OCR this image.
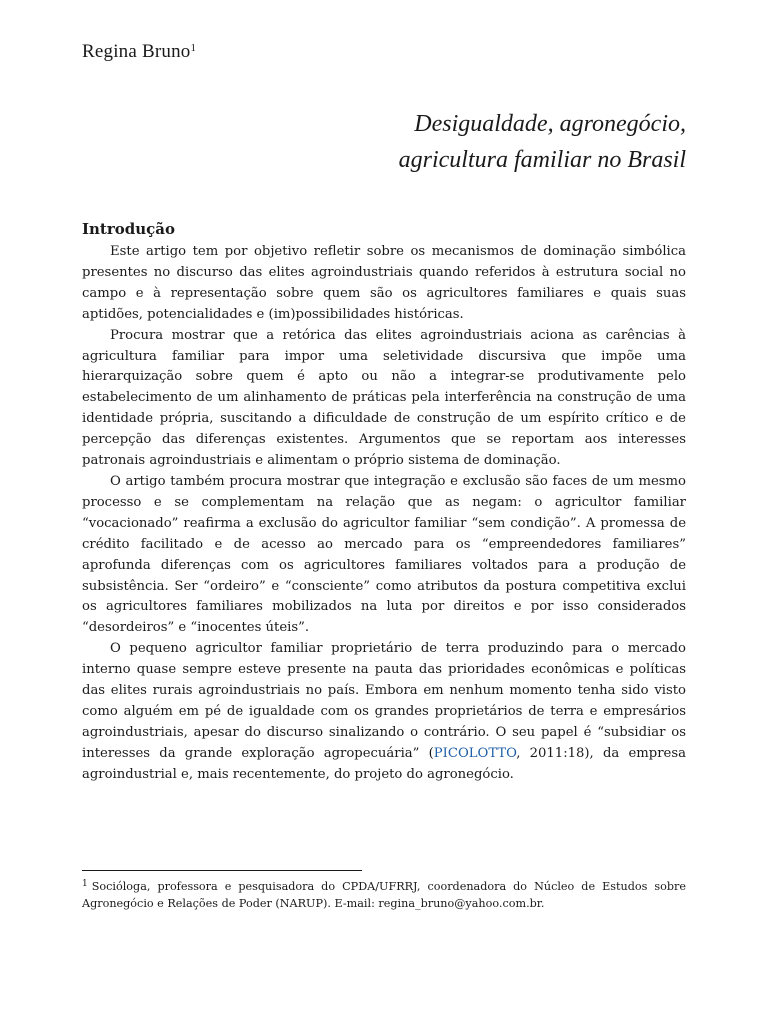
Regina Bruno$^1$
Desigualdade, agronegócio,
agricultura familiar no Brasil
Introdução

Este artigo tem por objetivo refletir sobre os mecanismos de dominação simbólica presentes no discurso das elites agroindustriais quando referidos à estrutura social no campo e à representação sobre quem são os agricultores familiares e quais suas aptidões, potencialidades e (im)possibilidades históricas.

Procura mostrar que a retórica das elites agroindustriais aciona as carências à agricultura familiar para impor uma seletividade discursiva que impõe uma hierarquização sobre quem é apto ou não a integrar-se produtivamente pelo estabelecimento de um alinhamento de práticas pela interferência na construção de uma identidade própria, suscitando a dificuldade de construção de um espírito crítico e de percepção das diferenças existentes. Argumentos que se reportam aos interesses patronais agroindustriais e alimentam o próprio sistema de dominação.

O artigo também procura mostrar que integração e exclusão são faces de um mesmo processo e se complementam na relação que as negam: o agricultor familiar “vocacionado” reafirma a exclusão do agricultor familiar “sem condição”. A promessa de crédito facilitado e de acesso ao mercado para os “empreendedores familiares” aprofunda diferenças com os agricultores familiares voltados para a produção de subsistência. Ser “ordeiro” e “consciente” como atributos da postura competitiva exclui os agricultores familiares mobilizados na luta por direitos e por isso considerados “desordeiros” e “inocentes úteis”.

O pequeno agricultor familiar proprietário de terra produzindo para o mercado interno quase sempre esteve presente na pauta das prioridades econômicas e políticas das elites rurais agroindustriais no país. Embora em nenhum momento tenha sido visto como alguém em pé de igualdade com os grandes proprietários de terra e empresários agroindustriais, apesar do discurso sinalizando o contrário. O seu papel é “subsidiar os interesses da grande exploração agropecuária” (PICOLOTTO, 2011:18), da empresa agroindustrial e, mais recentemente, do projeto do agronegócio.

$^1$ Socióloga, professora e pesquisadora do CPDA/UFRRJ, coordenadora do Núcleo de Estudos sobre Agronegócio e Relações de Poder (NARUP). E-mail: regina_bruno@yahoo.com.br.
